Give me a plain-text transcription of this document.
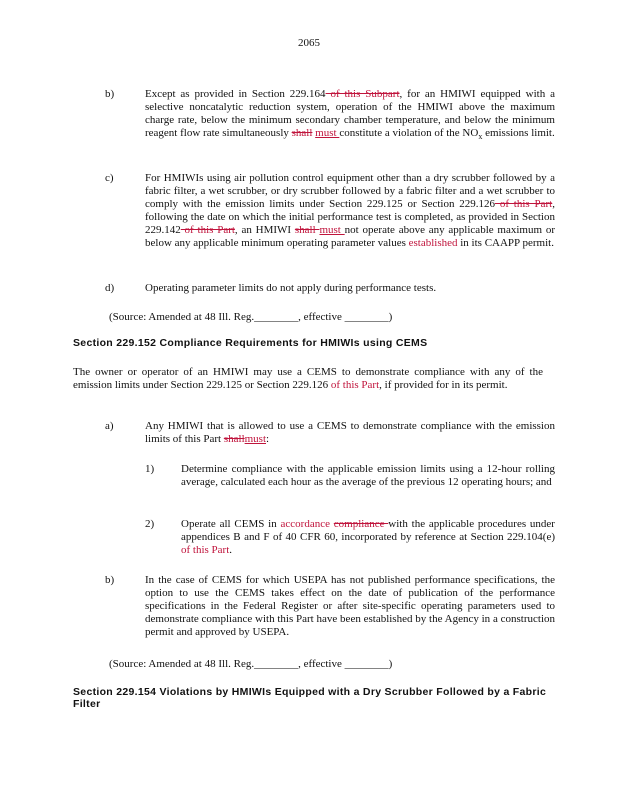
2065
b)	Except as provided in Section 229.164 of this Subpart, for an HMIWI equipped with a selective noncatalytic reduction system, operation of the HMIWI above the maximum charge rate, below the minimum secondary chamber temperature, and below the minimum reagent flow rate simultaneously shall must constitute a violation of the $NO_x$ emissions limit.
c)	For HMIWIs using air pollution control equipment other than a dry scrubber followed by a fabric filter, a wet scrubber, or dry scrubber followed by a fabric filter and a wet scrubber to comply with the emission limits under Section 229.125 or Section 229.126 of this Part, following the date on which the initial performance test is completed, as provided in Section 229.142 of this Part, an HMIWI shall must not operate above any applicable maximum or below any applicable minimum operating parameter values established in its CAAPP permit.
d)	Operating parameter limits do not apply during performance tests.
(Source: Amended at 48 Ill. Reg.________, effective ________)
Section 229.152 Compliance Requirements for HMIWIs using CEMS
The owner or operator of an HMIWI may use a CEMS to demonstrate compliance with any of the emission limits under Section 229.125 or Section 229.126 of this Part, if provided for in its permit.
a)	Any HMIWI that is allowed to use a CEMS to demonstrate compliance with the emission limits of this Part shallmust:
1) Determine compliance with the applicable emission limits using a 12-hour rolling average, calculated each hour as the average of the previous 12 operating hours; and
2) Operate all CEMS in accordance compliance with the applicable procedures under appendices B and F of 40 CFR 60, incorporated by reference at Section 229.104(e) of this Part.
b)	In the case of CEMS for which USEPA has not published performance specifications, the option to use the CEMS takes effect on the date of publication of the performance specifications in the Federal Register or after site-specific operating parameters used to demonstrate compliance with this Part have been established by the Agency in a construction permit and approved by USEPA.
(Source: Amended at 48 Ill. Reg.________, effective ________)
Section 229.154 Violations by HMIWIs Equipped with a Dry Scrubber Followed by a Fabric Filter
